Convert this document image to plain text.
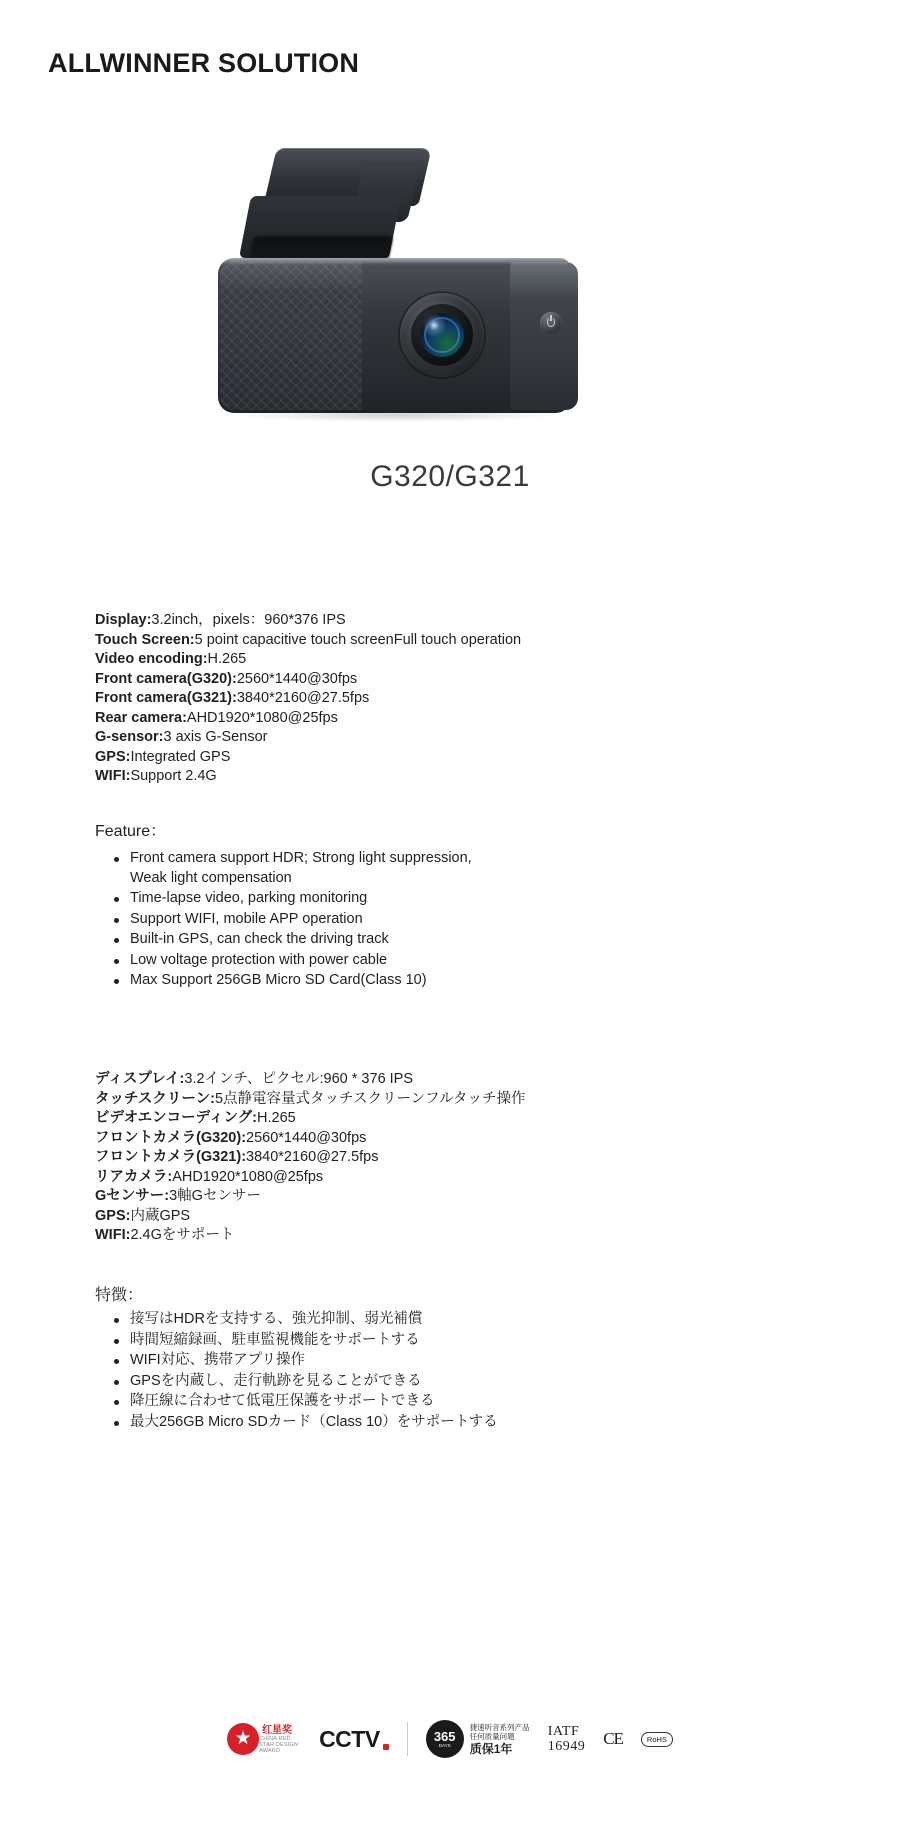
ALLWINNER SOLUTION
G320/G321
Display:3.2inch，pixels：960*376 IPS
Touch Screen:5 point capacitive touch screenFull touch operation
Video encoding:H.265
Front camera(G320):2560*1440@30fps
Front camera(G321):3840*2160@27.5fps
Rear camera:AHD1920*1080@25fps
G-sensor:3 axis G-Sensor
GPS:Integrated GPS
WIFI:Support 2.4G
Feature：
Front camera support HDR; Strong light suppression,
Weak light compensation
Time-lapse video, parking monitoring
Support WIFI, mobile APP operation
Built-in GPS, can check the driving track
Low voltage protection with power cable
Max Support 256GB Micro SD Card(Class 10)
ディスプレイ:3.2インチ、ピクセル:960 * 376 IPS
タッチスクリーン:5点静電容量式タッチスクリーンフルタッチ操作
ビデオエンコーディング:H.265
フロントカメラ(G320):2560*1440@30fps
フロントカメラ(G321):3840*2160@27.5fps
リアカメラ:AHD1920*1080@25fps
Gセンサー:3軸Gセンサー
GPS:内蔵GPS
WIFI:2.4Gをサポート
特徴：
接写はHDRを支持する、強光抑制、弱光補償
時間短縮録画、駐車監視機能をサポートする
WIFI対応、携帯アプリ操作
GPSを内蔵し、走行軌跡を見ることができる
降圧線に合わせて低電圧保護をサポートできる
最大256GB Micro SDカード（Class 10）をサポートする
★
红星奖
CHINA RED STAR DESIGN AWARD	CCTV	365
DAYS
捷速听音系列产品
任何质量问题
质保1年
IATF
16949 CE	RoHS
